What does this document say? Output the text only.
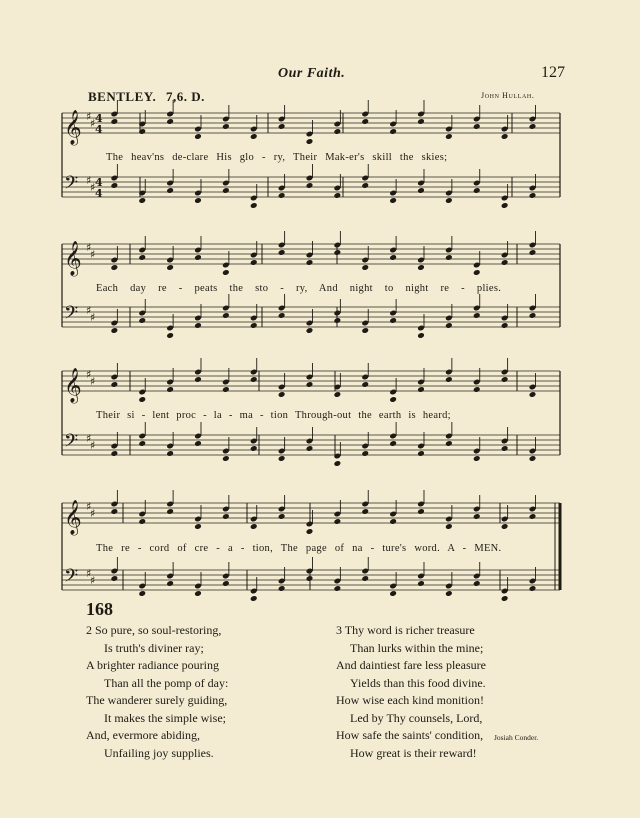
Our Faith.	127
BENTLEY. 7,6. D.	John Hullah.
𝄞 ♯
♯ 4
4
𝄢 ♯
♯ 4
4
𝄞 ♯
♯
𝄢 ♯
♯
𝄞 ♯
♯
𝄢 ♯
♯
𝄞 ♯
♯
𝄢 ♯
♯
The heav'ns de-clare His glo - ry, Their Mak-er's skill the skies;
Each day re - peats the sto - ry, And night to night re - plies.
Their si - lent proc - la - ma - tion Through-out the earth is heard;
The re - cord of cre - a - tion, The page of na - ture's word. A - MEN.
168
2 So pure, so soul-restoring,
Is truth's diviner ray;
A brighter radiance pouring
Than all the pomp of day:
The wanderer surely guiding,
It makes the simple wise;
And, evermore abiding,
Unfailing joy supplies.
3 Thy word is richer treasure
Than lurks within the mine;
And daintiest fare less pleasure
Yields than this food divine.
How wise each kind monition!
Led by Thy counsels, Lord,
How safe the saints' condition,
How great is their reward!
Josiah Conder.
